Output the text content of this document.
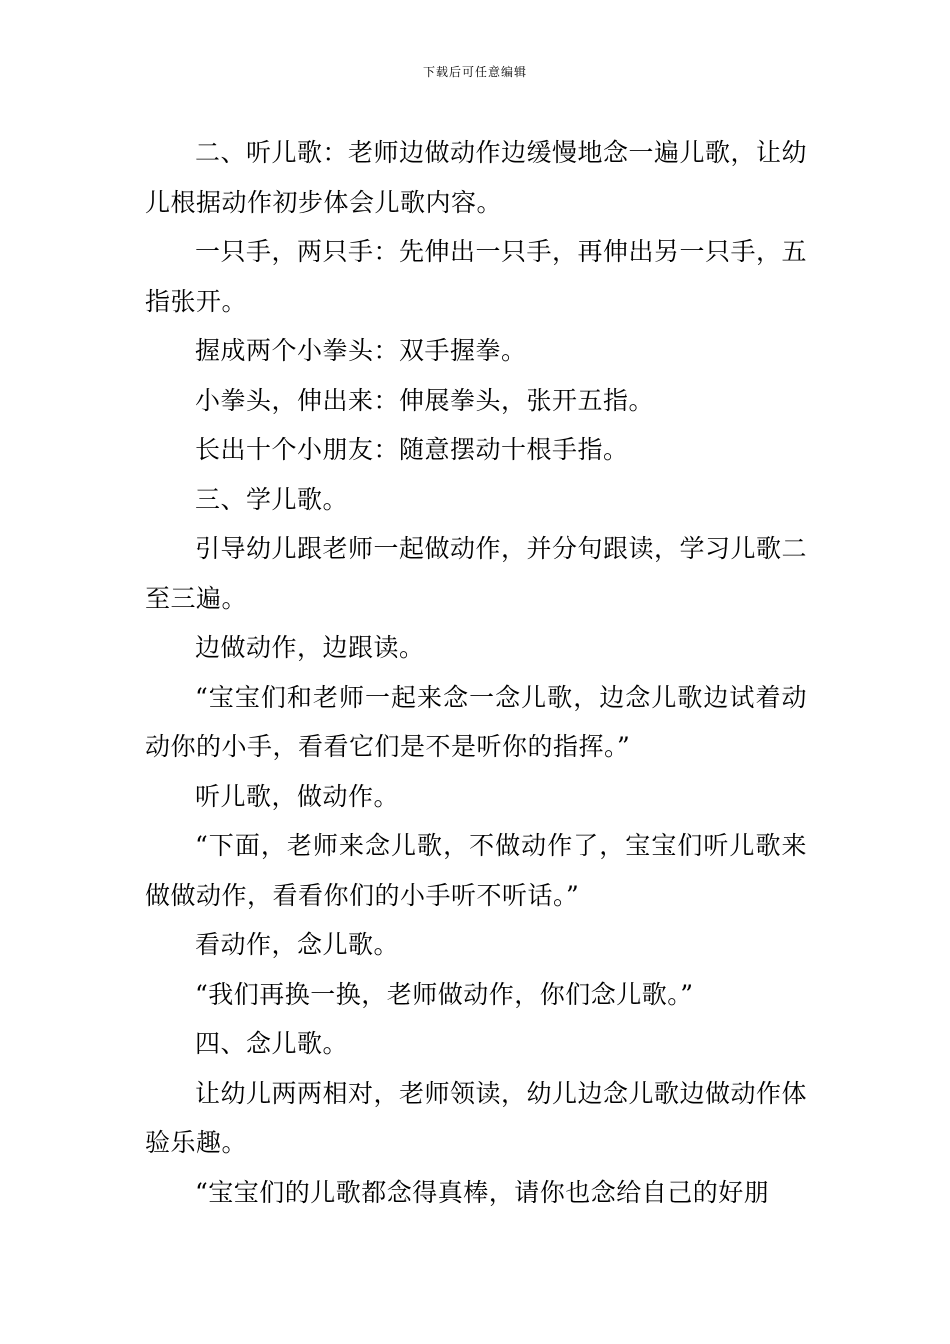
下载后可任意编辑

二、听儿歌：老师边做动作边缓慢地念一遍儿歌，让幼儿根据动作初步体会儿歌内容。

一只手，两只手：先伸出一只手，再伸出另一只手，五指张开。

握成两个小拳头：双手握拳。

小拳头，伸出来：伸展拳头，张开五指。

长出十个小朋友：随意摆动十根手指。

三、学儿歌。

引导幼儿跟老师一起做动作，并分句跟读，学习儿歌二至三遍。

边做动作，边跟读。

“宝宝们和老师一起来念一念儿歌，边念儿歌边试着动动你的小手，看看它们是不是听你的指挥。”

听儿歌，做动作。

“下面，老师来念儿歌，不做动作了，宝宝们听儿歌来做做动作，看看你们的小手听不听话。”

看动作，念儿歌。

“我们再换一换，老师做动作，你们念儿歌。”

四、念儿歌。

让幼儿两两相对，老师领读，幼儿边念儿歌边做动作体验乐趣。

“宝宝们的儿歌都念得真棒，请你也念给自己的好朋
